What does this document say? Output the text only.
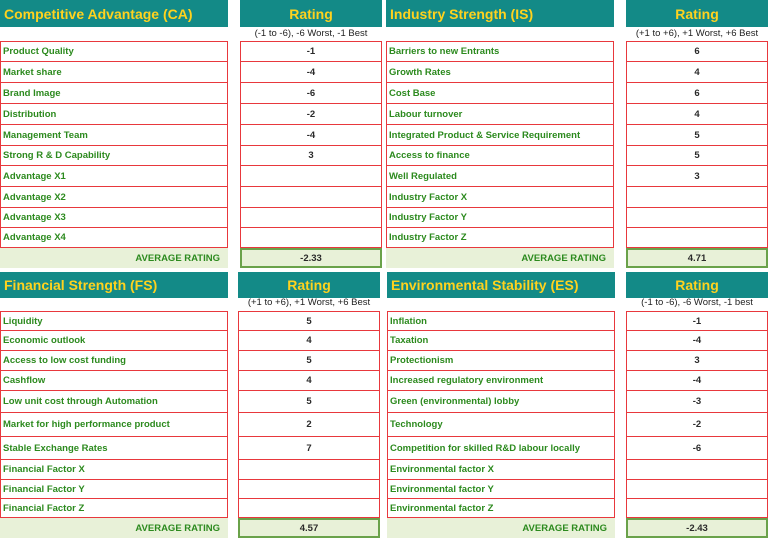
Competitive Advantage (CA)	Rating
(-1 to -6), -6 Worst, -1 Best
Product Quality	-1
Market share	-4
Brand Image	-6
Distribution	-2
Management Team	-4
Strong R & D Capability	3
Advantage X1
Advantage X2
Advantage X3
Advantage X4
AVERAGE RATING	-2.33
Industry Strength (IS)	Rating
(+1 to +6), +1 Worst, +6 Best
Barriers to new Entrants	6
Growth Rates	4
Cost Base	6
Labour turnover	4
Integrated Product & Service Requirement	5
Access to finance	5
Well Regulated	3
Industry Factor X
Industry Factor Y
Industry Factor Z
AVERAGE RATING	4.71
Financial Strength (FS)	Rating
(+1 to +6), +1 Worst, +6 Best
Liquidity	5
Economic outlook	4
Access to low cost funding	5
Cashflow	4
Low unit cost through Automation	5
Market for high performance product	2
Stable Exchange Rates	7
Financial Factor X
Financial Factor Y
Financial Factor Z
AVERAGE RATING	4.57
Environmental Stability (ES)	Rating
(-1 to -6), -6 Worst, -1 best
Inflation	-1
Taxation	-4
Protectionism	3
Increased regulatory environment	-4
Green (environmental) lobby	-3
Technology	-2
Competition for skilled R&D labour locally	-6
Environmental factor X
Environmental factor Y
Environmental factor Z
AVERAGE RATING	-2.43
